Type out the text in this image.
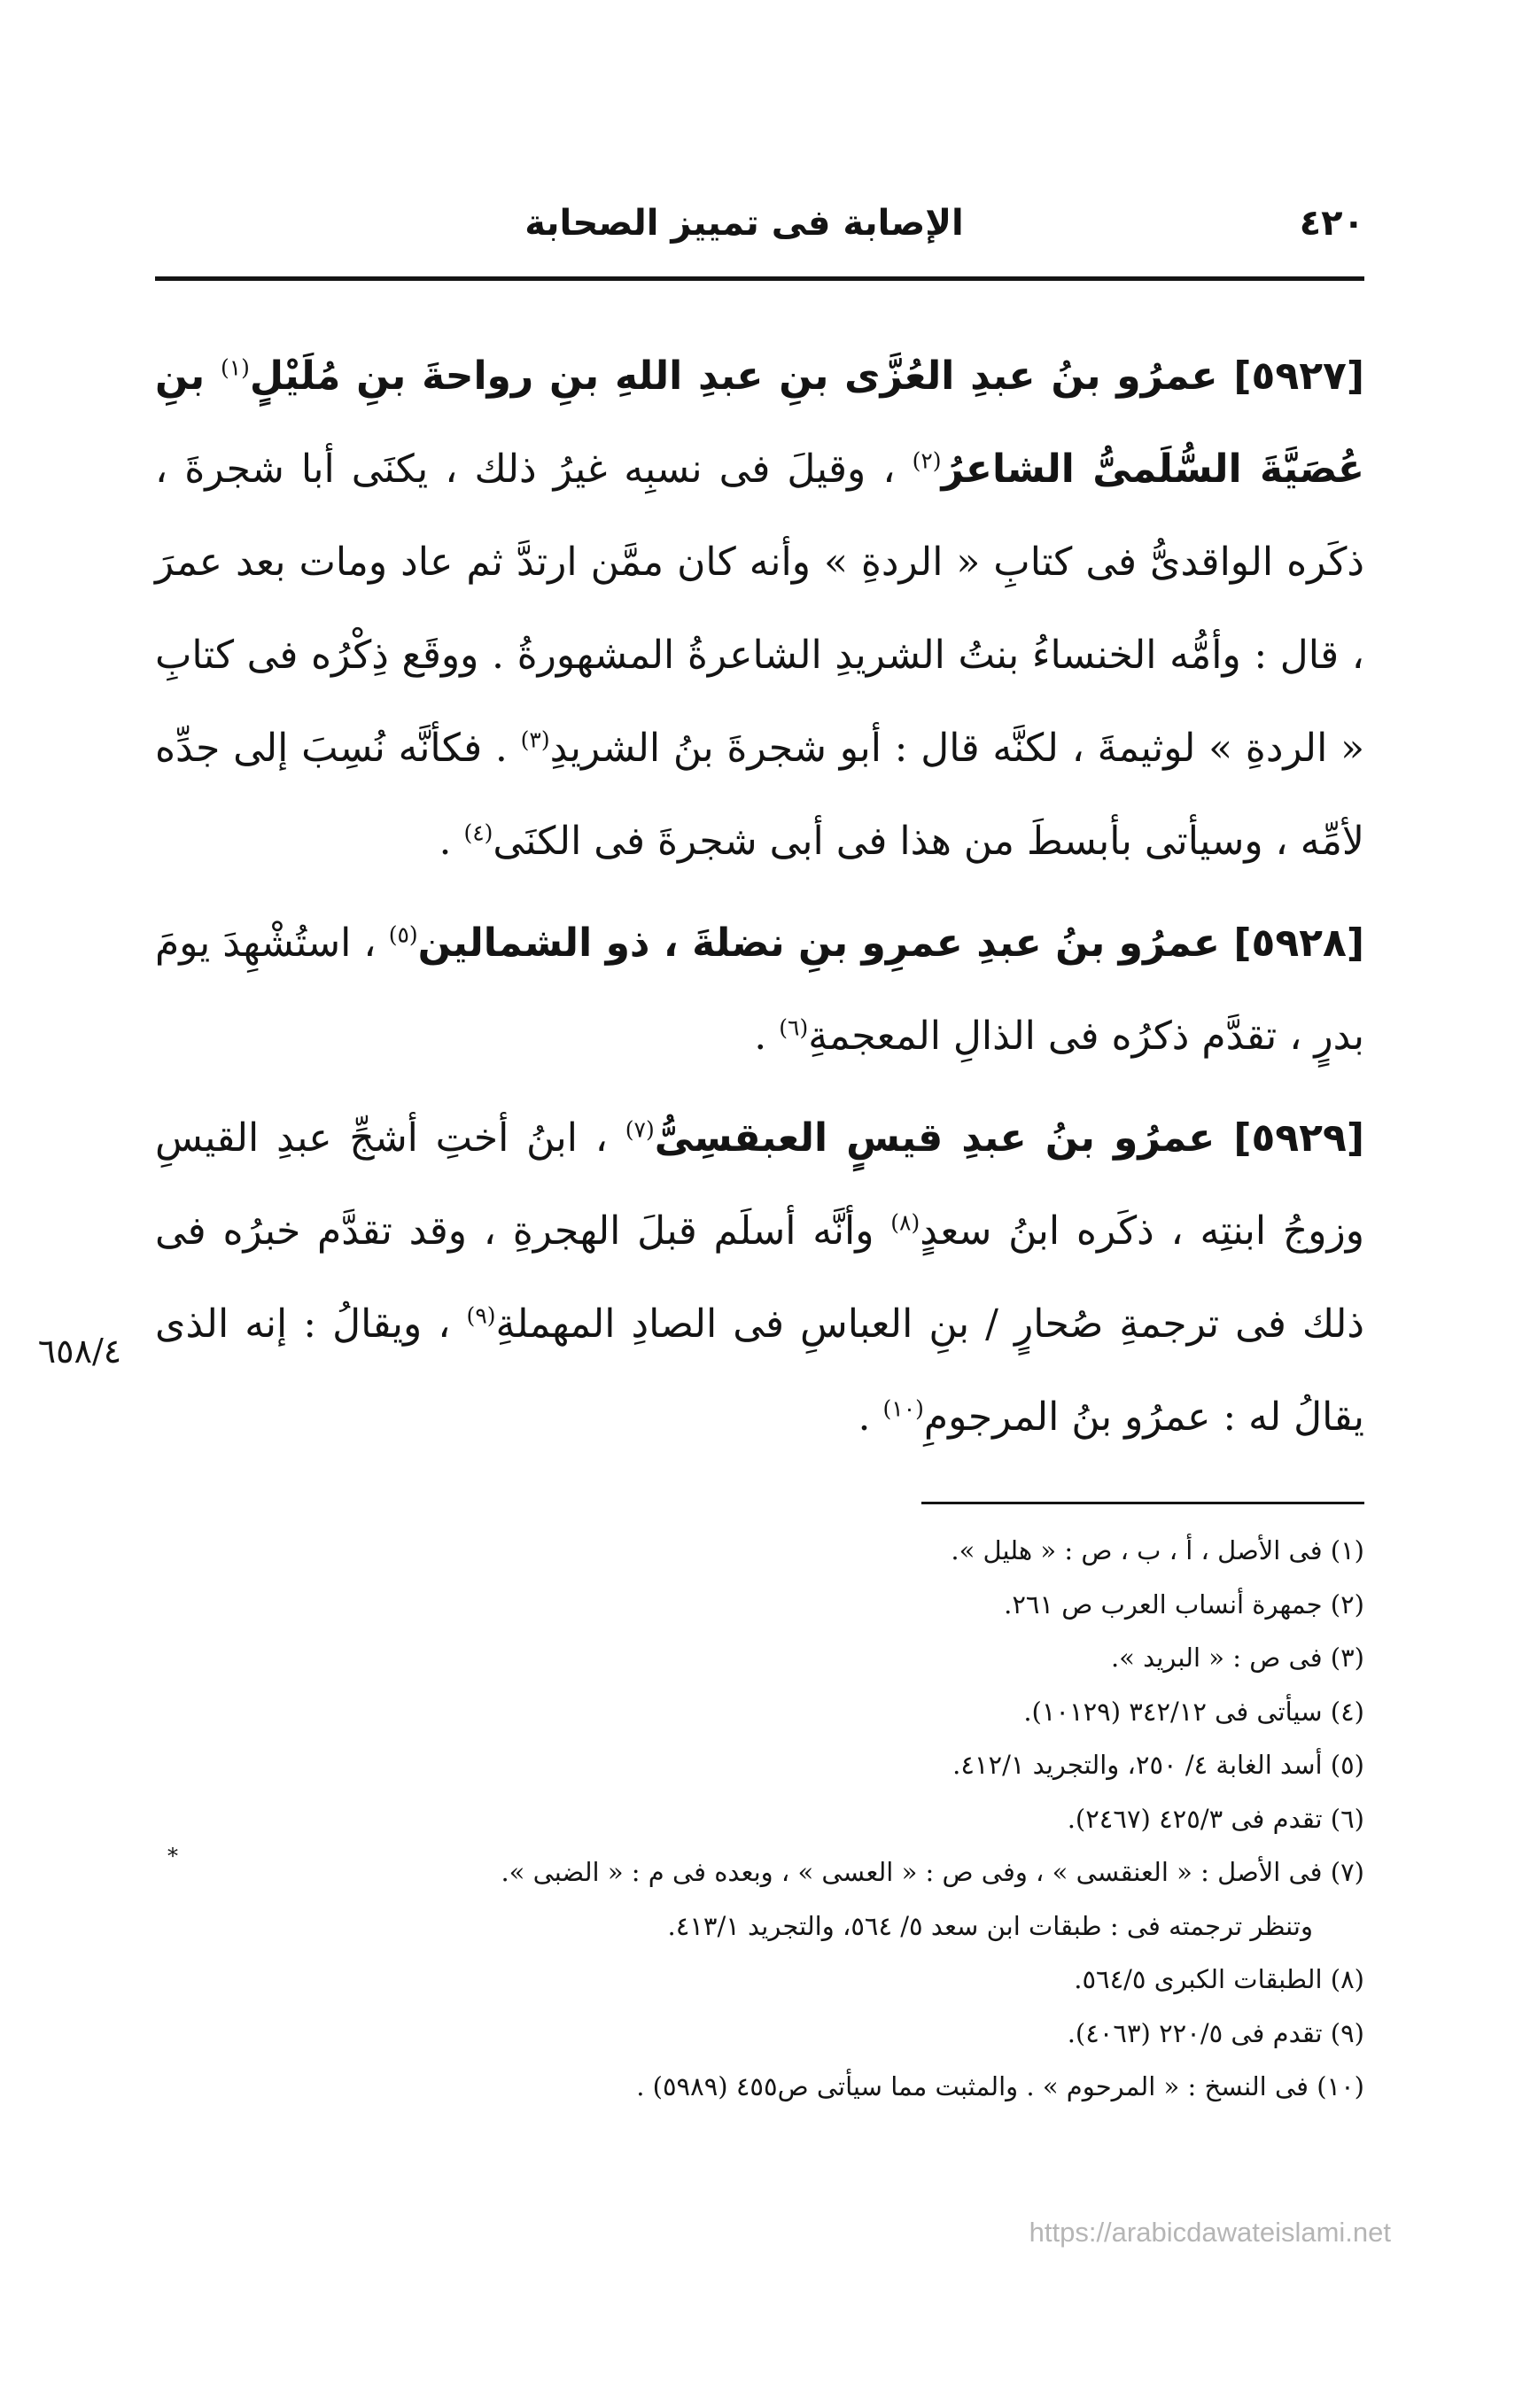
الإصابة فى تمييز الصحابة	٤٢٠

[٥٩٢٧] عمرُو بنُ عبدِ العُزَّى بنِ عبدِ اللهِ بنِ رواحةَ بنِ مُلَيْلٍ$^{(١)}$ بنِ عُصَيَّةَ السُّلَمىُّ الشاعرُ$^{(٢)}$ ، وقيلَ فى نسبِه غيرُ ذلك ، يكنَى أبا شجرةَ ، ذكَره الواقدىُّ فى كتابِ « الردةِ » وأنه كان ممَّن ارتدَّ ثم عاد ومات بعد عمرَ ، قال : وأمُّه الخنساءُ بنتُ الشريدِ الشاعرةُ المشهورةُ . ووقَع ذِكْرُه فى كتابِ « الردةِ » لوثيمةَ ، لكنَّه قال : أبو شجرةَ بنُ الشريدِ$^{(٣)}$ . فكأنَّه نُسِبَ إلى جدِّه لأمِّه ، وسيأتى بأبسطَ من هذا فى أبى شجرةَ فى الكنَى$^{(٤)}$ .

[٥٩٢٨] عمرُو بنُ عبدِ عمرِو بنِ نضلةَ ، ذو الشمالين$^{(٥)}$ ، استُشْهِدَ يومَ بدرٍ ، تقدَّم ذكرُه فى الذالِ المعجمةِ$^{(٦)}$ .

[٥٩٢٩] عمرُو بنُ عبدِ قيسٍ العبقسِىُّ$^{(٧)}$ ، ابنُ أختِ أشجِّ عبدِ القيسِ وزوجُ ابنتِه ، ذكَره ابنُ سعدٍ$^{(٨)}$ وأنَّه أسلَم قبلَ الهجرةِ ، وقد تقدَّم خبرُه فى ذلك فى ترجمةِ صُحارٍ / بنِ العباسِ فى الصادِ المهملةِ$^{(٩)}$ ، ويقالُ : إنه الذى يقالُ له : عمرُو بنُ المرجومِ$^{(١٠)}$ .

٦٥٨/٤
(١) فى الأصل ، أ ، ب ، ص : « هليل ».
(٢) جمهرة أنساب العرب ص ٢٦١.
(٣) فى ص : « البريد ».
(٤) سيأتى فى ٣٤٢/١٢ (١٠١٢٩).
(٥) أسد الغابة ٤/ ٢٥٠، والتجريد ٤١٢/١.
(٦) تقدم فى ٤٢٥/٣ (٢٤٦٧).
(٧) فى الأصل : « العنقسى » ، وفى ص : « العسى » ، وبعده فى م : « الضبى ».
وتنظر ترجمته فى : طبقات ابن سعد ٥/ ٥٦٤، والتجريد ٤١٣/١.
(٨) الطبقات الكبرى ٥٦٤/٥.
(٩) تقدم فى ٢٢٠/٥ (٤٠٦٣).
(١٠) فى النسخ : « المرحوم » . والمثبت مما سيأتى ص٤٥٥ (٥٩٨٩) .
*
https://arabicdawateislami.net
